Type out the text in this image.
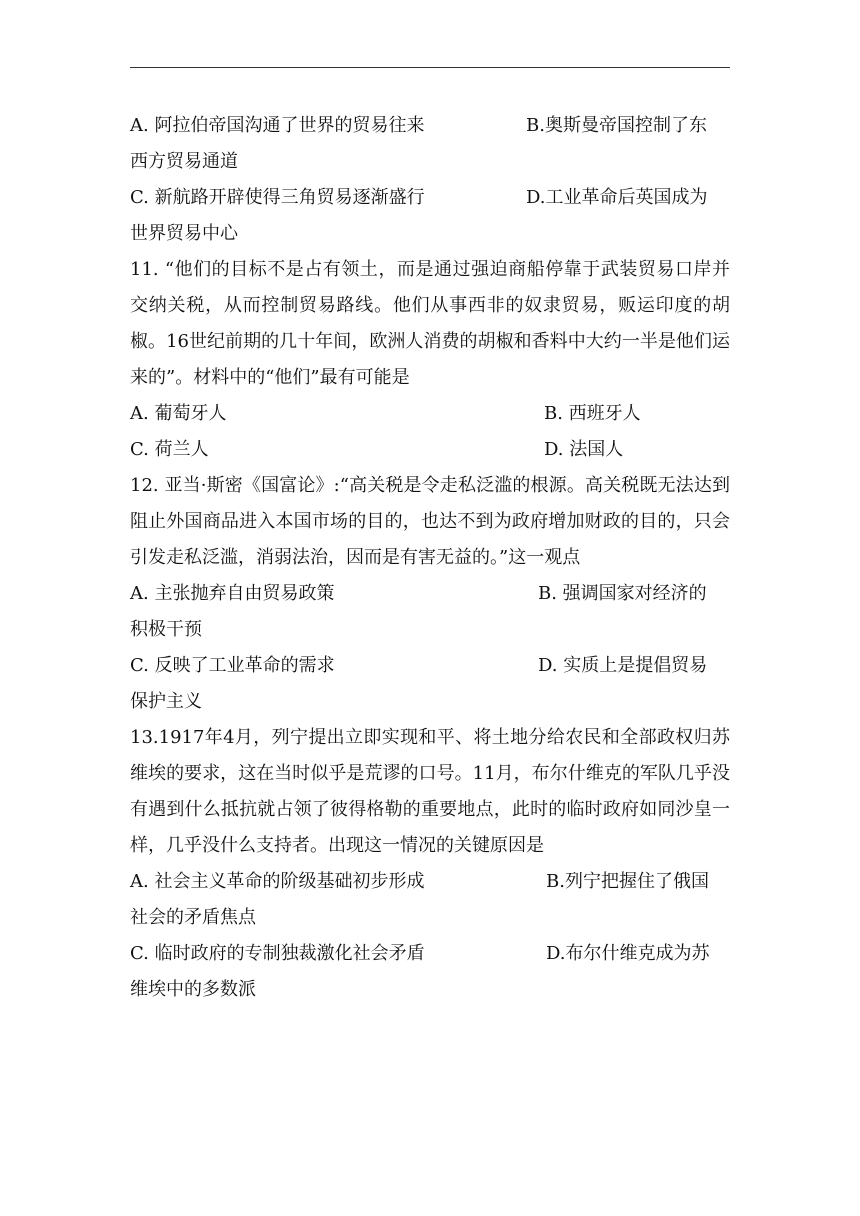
A. 阿拉伯帝国沟通了世界的贸易往来	B.奥斯曼帝国控制了东
西方贸易通道
C. 新航路开辟使得三角贸易逐渐盛行	D.工业革命后英国成为
世界贸易中心

11. “他们的目标不是占有领土，而是通过强迫商船停靠于武装贸易口岸并交纳关税，从而控制贸易路线。他们从事西非的奴隶贸易，贩运印度的胡椒。16世纪前期的几十年间，欧洲人消费的胡椒和香料中大约一半是他们运来的”。材料中的“他们”最有可能是

A. 葡萄牙人	B. 西班牙人
C. 荷兰人	D. 法国人

12. 亚当·斯密《国富论》:“高关税是令走私泛滥的根源。高关税既无法达到阻止外国商品进入本国市场的目的，也达不到为政府增加财政的目的，只会引发走私泛滥，消弱法治，因而是有害无益的。”这一观点

A. 主张抛弃自由贸易政策	B. 强调国家对经济的
积极干预
C. 反映了工业革命的需求	D. 实质上是提倡贸易
保护主义

13.1917年4月，列宁提出立即实现和平、将土地分给农民和全部政权归苏维埃的要求，这在当时似乎是荒谬的口号。11月，布尔什维克的军队几乎没有遇到什么抵抗就占领了彼得格勒的重要地点，此时的临时政府如同沙皇一样，几乎没什么支持者。出现这一情况的关键原因是

A. 社会主义革命的阶级基础初步形成	B.列宁把握住了俄国
社会的矛盾焦点
C. 临时政府的专制独裁激化社会矛盾	D.布尔什维克成为苏
维埃中的多数派
